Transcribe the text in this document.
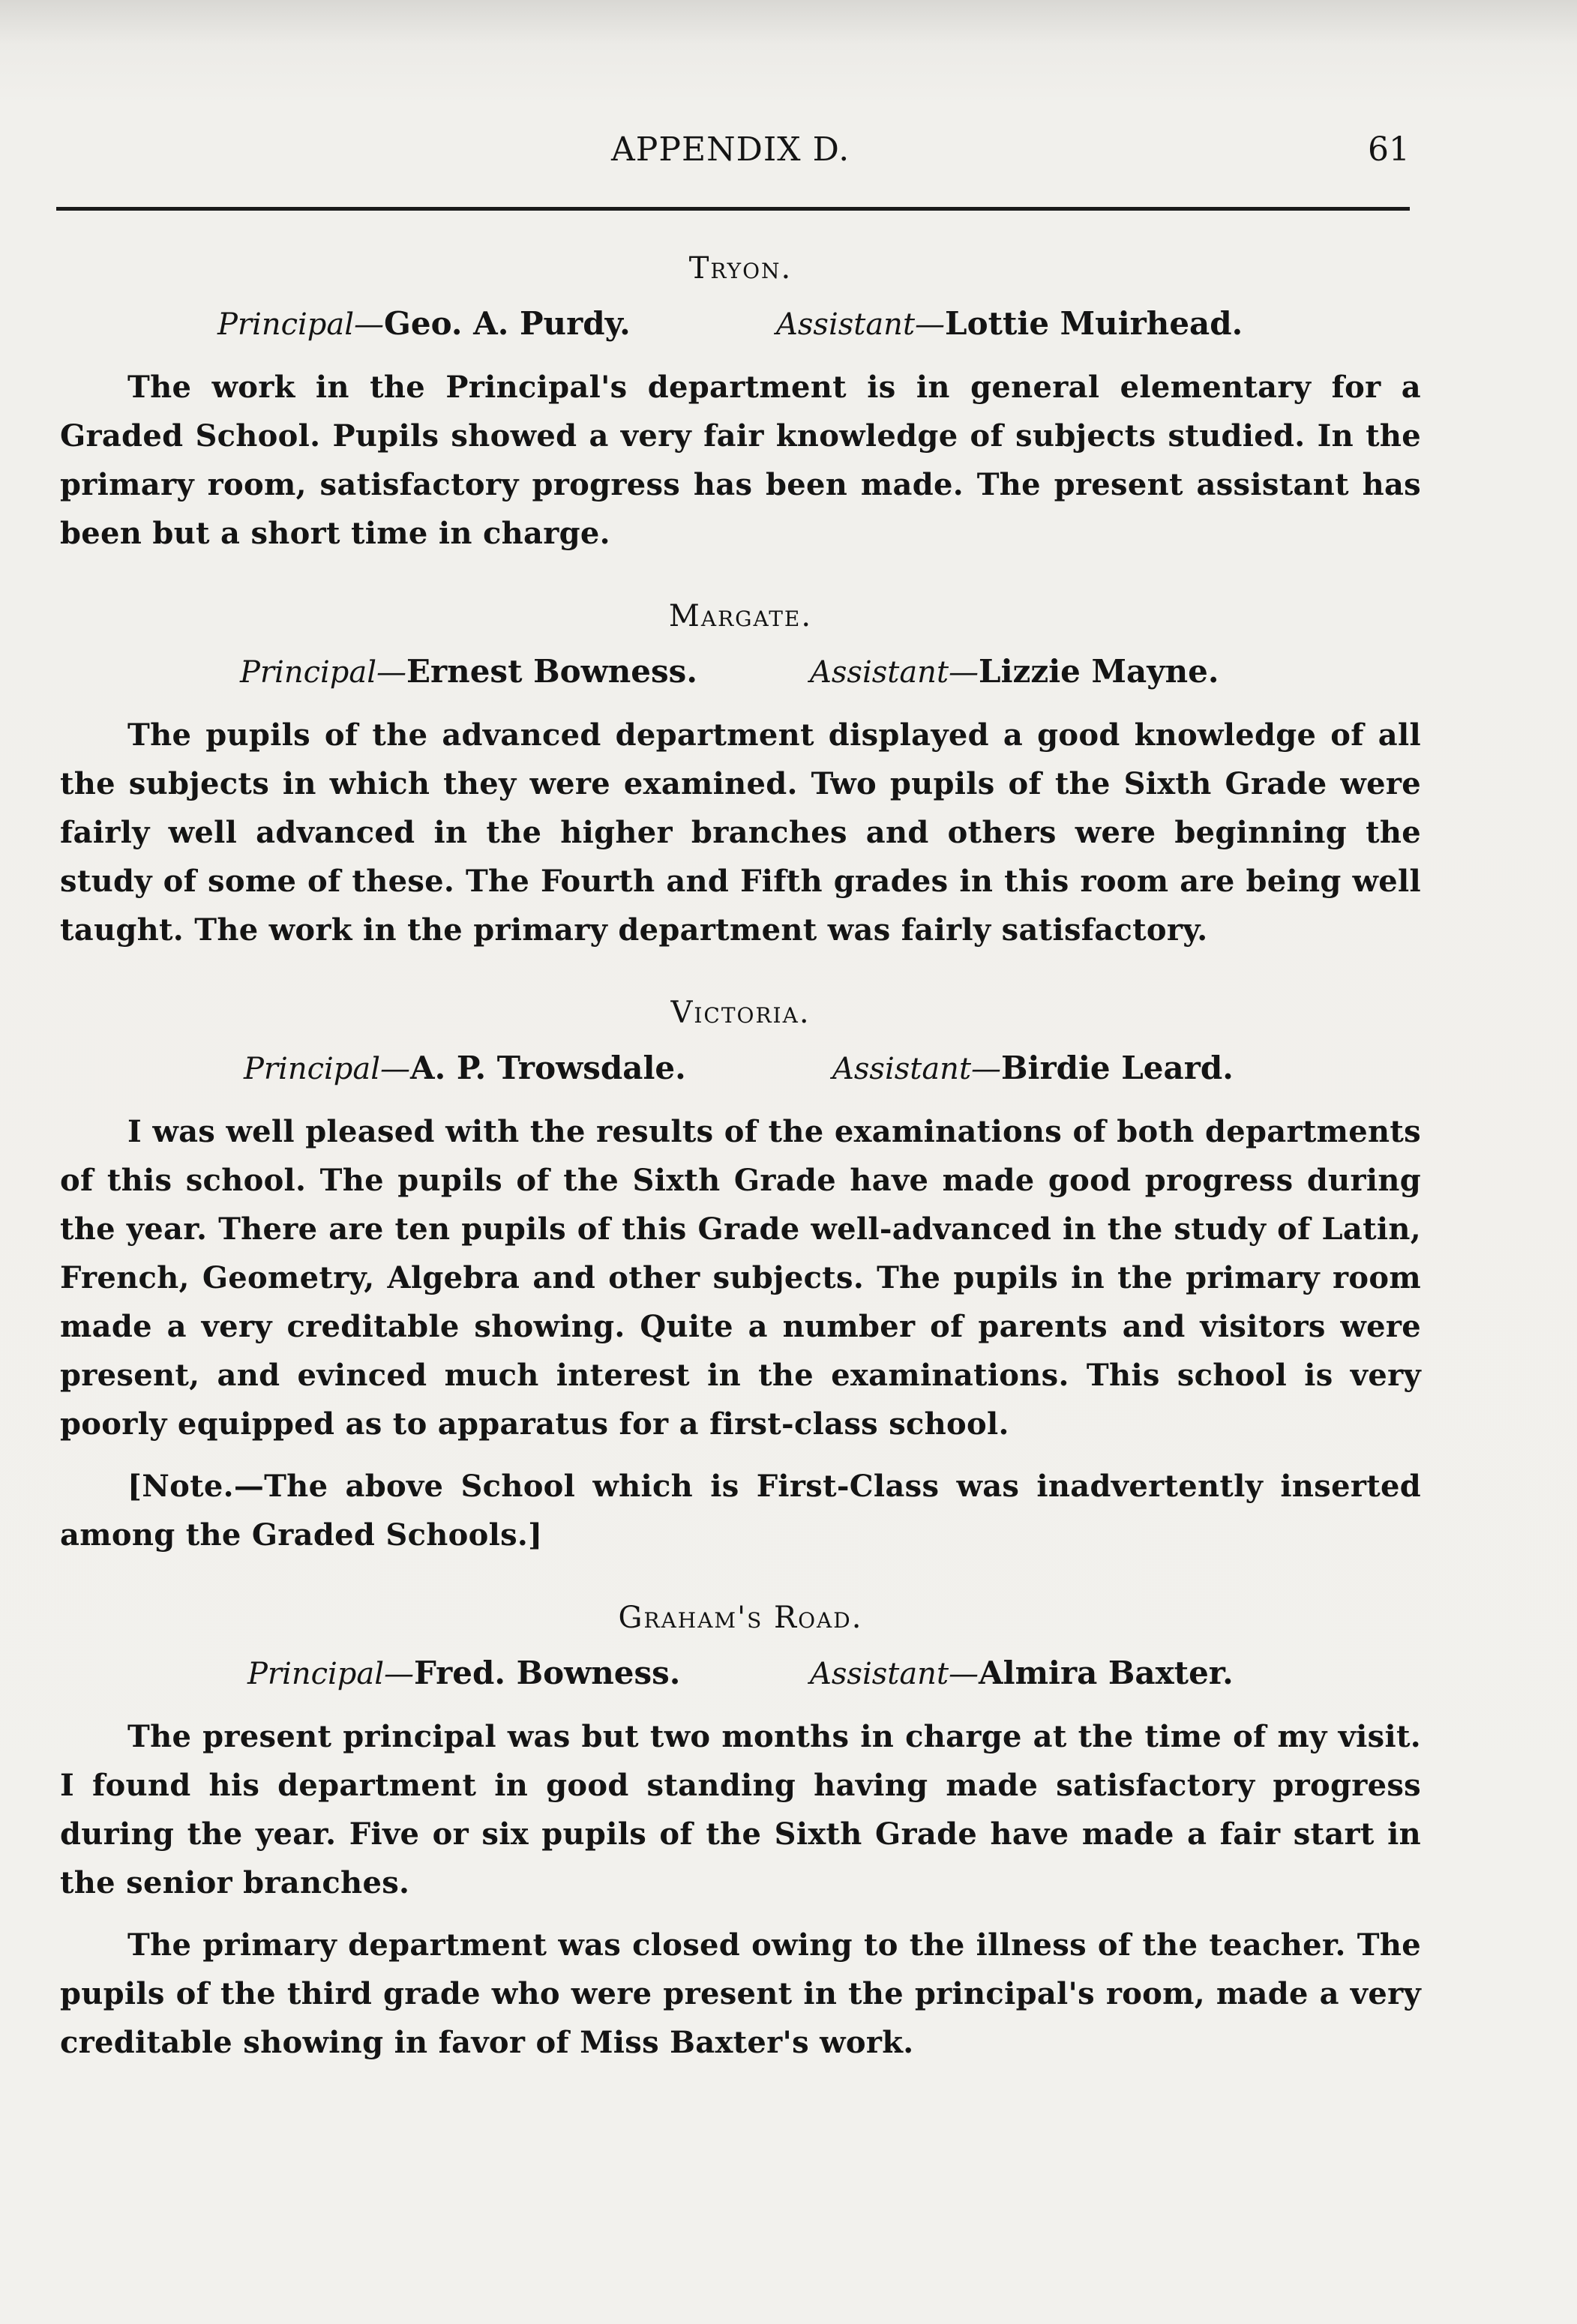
APPENDIX D.	61
Tryon.
Principal—Geo. A. Purdy.	Assistant—Lottie Muirhead.

The work in the Principal's department is in general elementary for a Graded School. Pupils showed a very fair knowledge of subjects studied. In the primary room, satisfactory progress has been made. The present assistant has been but a short time in charge.

Margate.
Principal—Ernest Bowness.	Assistant—Lizzie Mayne.

The pupils of the advanced department displayed a good knowledge of all the subjects in which they were examined. Two pupils of the Sixth Grade were fairly well advanced in the higher branches and others were beginning the study of some of these. The Fourth and Fifth grades in this room are being well taught. The work in the primary department was fairly satisfactory.

Victoria.
Principal—A. P. Trowsdale.	Assistant—Birdie Leard.

I was well pleased with the results of the examinations of both departments of this school. The pupils of the Sixth Grade have made good progress during the year. There are ten pupils of this Grade well-advanced in the study of Latin, French, Geometry, Algebra and other subjects. The pupils in the primary room made a very creditable showing. Quite a number of parents and visitors were present, and evinced much interest in the examinations. This school is very poorly equipped as to apparatus for a first-class school.

[Note.—The above School which is First-Class was inadvertently inserted among the Graded Schools.]

Graham's Road.
Principal—Fred. Bowness.	Assistant—Almira Baxter.

The present principal was but two months in charge at the time of my visit. I found his department in good standing having made satisfactory progress during the year. Five or six pupils of the Sixth Grade have made a fair start in the senior branches.

The primary department was closed owing to the illness of the teacher. The pupils of the third grade who were present in the principal's room, made a very creditable showing in favor of Miss Baxter's work.
